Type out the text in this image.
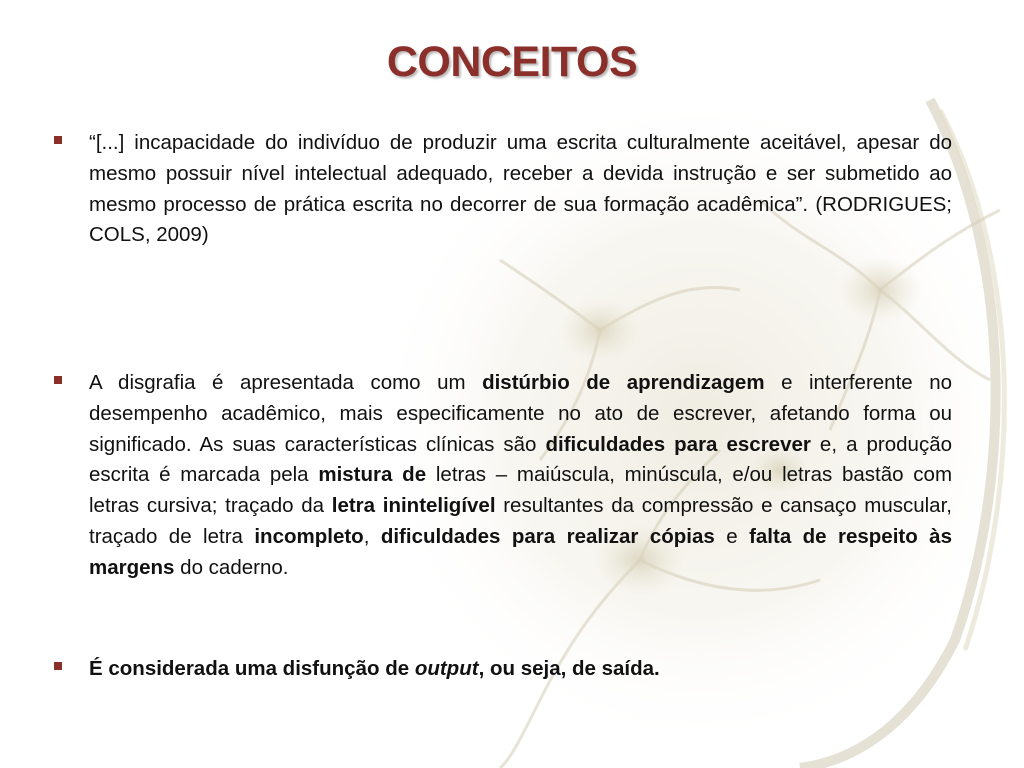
CONCEITOS
“[...] incapacidade do indivíduo de produzir uma escrita culturalmente aceitável, apesar do mesmo possuir nível intelectual adequado, receber a devida instrução e ser submetido ao mesmo processo de prática escrita no decorrer de sua formação acadêmica”. (RODRIGUES; COLS, 2009)
A disgrafia é apresentada como um distúrbio de aprendizagem e interferente no desempenho acadêmico, mais especificamente no ato de escrever, afetando forma ou significado. As suas características clínicas são dificuldades para escrever e, a produção escrita é marcada pela mistura de letras – maiúscula, minúscula, e/ou letras bastão com letras cursiva; traçado da letra ininteligível resultantes da compressão e cansaço muscular, traçado de letra incompleto, dificuldades para realizar cópias e falta de respeito às margens do caderno.
É considerada uma disfunção de output, ou seja, de saída.
